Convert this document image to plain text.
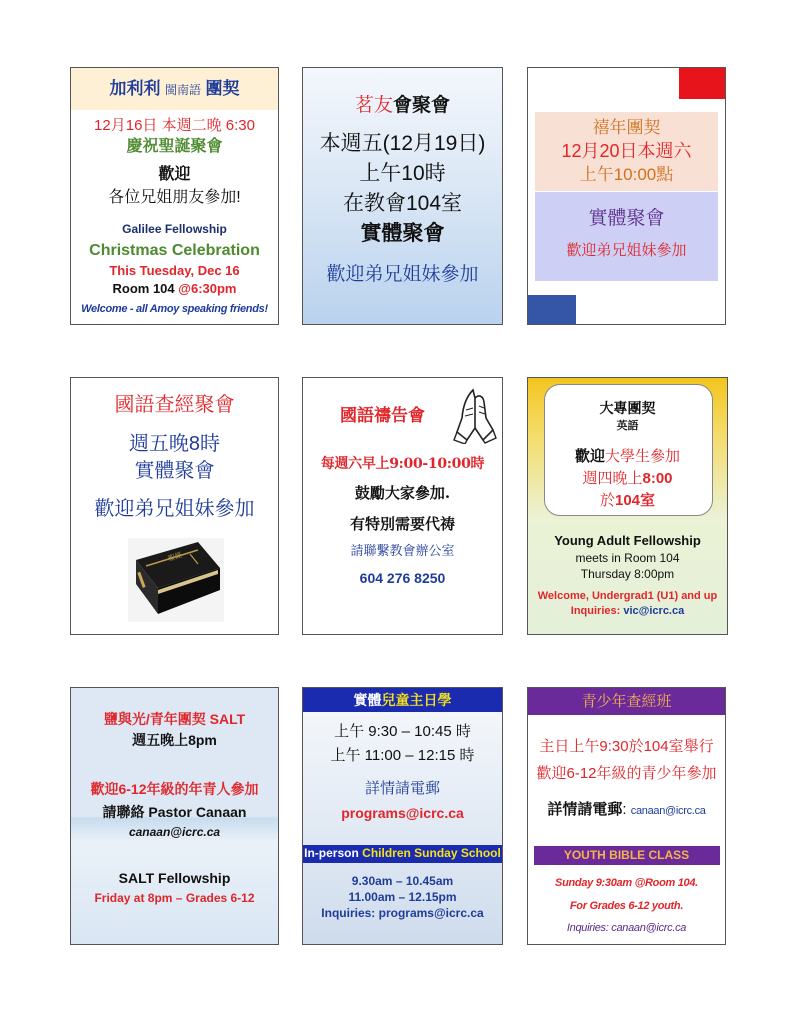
加利利 閩南語 團契
12月16日 本週二晚 6:30
慶祝聖誕聚會
歡迎
各位兄姐朋友參加!
Galilee Fellowship
Christmas Celebration
This Tuesday, Dec 16
Room 104 @6:30pm
Welcome - all Amoy speaking friends!
茗友會聚會
本週五(12月19日)
上午10時
在教會104室
實體聚會
歡迎弟兄姐妹參加
禧年團契
12月20日本週六
上午10:00點
實體聚會
歡迎弟兄姐妹參加
國語查經聚會
週五晚8時
實體聚會
歡迎弟兄姐妹參加
聖經
國語禱告會
每週六早上9:00-10:00時
鼓勵大家參加.
有特別需要代祷
請聯繫教會辦公室
604 276 8250
大專團契
英語
歡迎大學生參加
週四晚上8:00
於104室
Young Adult Fellowship
meets in Room 104
Thursday 8:00pm
Welcome, Undergrad1 (U1) and up
Inquiries: vic@icrc.ca
鹽與光/青年團契 SALT
週五晚上8pm
歡迎6-12年級的年青人參加
請聯絡 Pastor Canaan
canaan@icrc.ca
SALT Fellowship
Friday at 8pm – Grades 6-12
實體兒童主日學
上午 9:30 – 10:45 時
上午 11:00 – 12:15 時
詳情請電郵
programs@icrc.ca
In-person Children Sunday School
9.30am – 10.45am
11.00am – 12.15pm
Inquiries: programs@icrc.ca
青少年查經班
主日上午9:30於104室舉行
歡迎6-12年級的青少年參加
詳情請電郵: canaan@icrc.ca
YOUTH BIBLE CLASS
Sunday 9:30am @Room 104.
For Grades 6-12 youth.
Inquiries: canaan@icrc.ca
